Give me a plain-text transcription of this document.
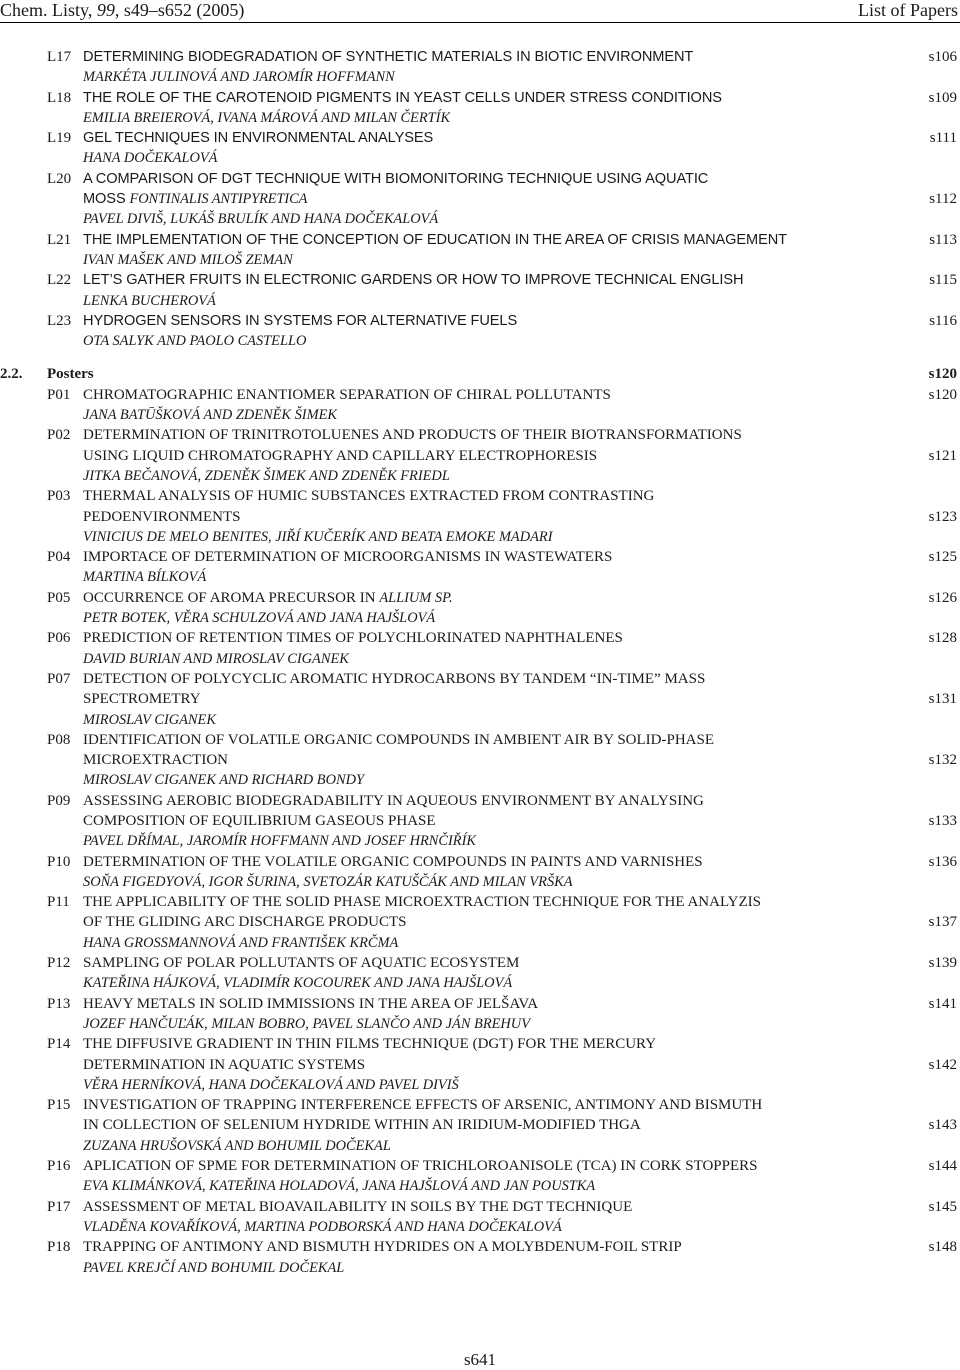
Chem. Listy, 99, s49–s652 (2005)	List of Papers
L17 DETERMINING BIODEGRADATION OF SYNTHETIC MATERIALS IN BIOTIC ENVIRONMENT	s106
MARKÉTA JULINOVÁ AND JAROMÍR HOFFMANN
L18 THE ROLE OF THE CAROTENOID PIGMENTS IN YEAST CELLS UNDER STRESS CONDITIONS	s109
EMILIA BREIEROVÁ, IVANA MÁROVÁ AND MILAN ČERTÍK
L19 GEL TECHNIQUES IN ENVIRONMENTAL ANALYSES	s111
HANA DOČEKALOVÁ
L20 A COMPARISON OF DGT TECHNIQUE WITH BIOMONITORING TECHNIQUE USING AQUATIC
MOSS FONTINALIS ANTIPYRETICA	s112
PAVEL DIVIŠ, LUKÁŠ BRULÍK AND HANA DOČEKALOVÁ
L21 THE IMPLEMENTATION OF THE CONCEPTION OF EDUCATION IN THE AREA OF CRISIS MANAGEMENT	s113
IVAN MAŠEK AND MILOŠ ZEMAN
L22 LET’S GATHER FRUITS IN ELECTRONIC GARDENS OR HOW TO IMPROVE TECHNICAL ENGLISH	s115
LENKA BUCHEROVÁ
L23 HYDROGEN SENSORS IN SYSTEMS FOR ALTERNATIVE FUELS	s116
OTA SALYK AND PAOLO CASTELLO
2.2. Posters	s120
P01 CHROMATOGRAPHIC ENANTIOMER SEPARATION OF CHIRAL POLLUTANTS	s120
JANA BATŪŠKOVÁ AND ZDENĚK ŠIMEK
P02 DETERMINATION OF TRINITROTOLUENES AND PRODUCTS OF THEIR BIOTRANSFORMATIONS
USING LIQUID CHROMATOGRAPHY AND CAPILLARY ELECTROPHORESIS	s121
JITKA BEČANOVÁ, ZDENĚK ŠIMEK AND ZDENĚK FRIEDL
P03 THERMAL ANALYSIS OF HUMIC SUBSTANCES EXTRACTED FROM CONTRASTING
PEDOENVIRONMENTS	s123
VINICIUS DE MELO BENITES, JIŘÍ KUČERÍK AND BEATA EMOKE MADARI
P04 IMPORTACE OF DETERMINATION OF MICROORGANISMS IN WASTEWATERS	s125
MARTINA BÍLKOVÁ
P05 OCCURRENCE OF AROMA PRECURSOR IN ALLIUM SP.	s126
PETR BOTEK, VĚRA SCHULZOVÁ AND JANA HAJŠLOVÁ
P06 PREDICTION OF RETENTION TIMES OF POLYCHLORINATED NAPHTHALENES	s128
DAVID BURIAN AND MIROSLAV CIGANEK
P07 DETECTION OF POLYCYCLIC AROMATIC HYDROCARBONS BY TANDEM “IN-TIME” MASS
SPECTROMETRY	s131
MIROSLAV CIGANEK
P08 IDENTIFICATION OF VOLATILE ORGANIC COMPOUNDS IN AMBIENT AIR BY SOLID-PHASE
MICROEXTRACTION	s132
MIROSLAV CIGANEK AND RICHARD BONDY
P09 ASSESSING AEROBIC BIODEGRADABILITY IN AQUEOUS ENVIRONMENT BY ANALYSING
COMPOSITION OF EQUILIBRIUM GASEOUS PHASE	s133
PAVEL DŘÍMAL, JAROMÍR HOFFMANN AND JOSEF HRNČIŘÍK
P10 DETERMINATION OF THE VOLATILE ORGANIC COMPOUNDS IN PAINTS AND VARNISHES	s136
SOŇA FIGEDYOVÁ, IGOR ŠURINA, SVETOZÁR KATUŠČÁK AND MILAN VRŠKA
P11 THE APPLICABILITY OF THE SOLID PHASE MICROEXTRACTION TECHNIQUE FOR THE ANALYZIS
OF THE GLIDING ARC DISCHARGE PRODUCTS	s137
HANA GROSSMANNOVÁ AND FRANTIŠEK KRČMA
P12 SAMPLING OF POLAR POLLUTANTS OF AQUATIC ECOSYSTEM	s139
KATEŘINA HÁJKOVÁ, VLADIMÍR KOCOUREK AND JANA HAJŠLOVÁ
P13 HEAVY METALS IN SOLID IMMISSIONS IN THE AREA OF JELŠAVA	s141
JOZEF HANČUĽÁK, MILAN BOBRO, PAVEL SLANČO AND JÁN BREHUV
P14 THE DIFFUSIVE GRADIENT IN THIN FILMS TECHNIQUE (DGT) FOR THE MERCURY
DETERMINATION IN AQUATIC SYSTEMS	s142
VĚRA HERNÍKOVÁ, HANA DOČEKALOVÁ AND PAVEL DIVIŠ
P15 INVESTIGATION OF TRAPPING INTERFERENCE EFFECTS OF ARSENIC, ANTIMONY AND BISMUTH
IN COLLECTION OF SELENIUM HYDRIDE WITHIN AN IRIDIUM-MODIFIED THGA	s143
ZUZANA HRUŠOVSKÁ AND BOHUMIL DOČEKAL
P16 APLICATION OF SPME FOR DETERMINATION OF TRICHLOROANISOLE (TCA) IN CORK STOPPERS	s144
EVA KLIMÁNKOVÁ, KATEŘINA HOLADOVÁ, JANA HAJŠLOVÁ AND JAN POUSTKA
P17 ASSESSMENT OF METAL BIOAVAILABILITY IN SOILS BY THE DGT TECHNIQUE	s145
VLADĚNA KOVAŘÍKOVÁ, MARTINA PODBORSKÁ AND HANA DOČEKALOVÁ
P18 TRAPPING OF ANTIMONY AND BISMUTH HYDRIDES ON A MOLYBDENUM-FOIL STRIP	s148
PAVEL KREJČÍ AND BOHUMIL DOČEKAL
s641
